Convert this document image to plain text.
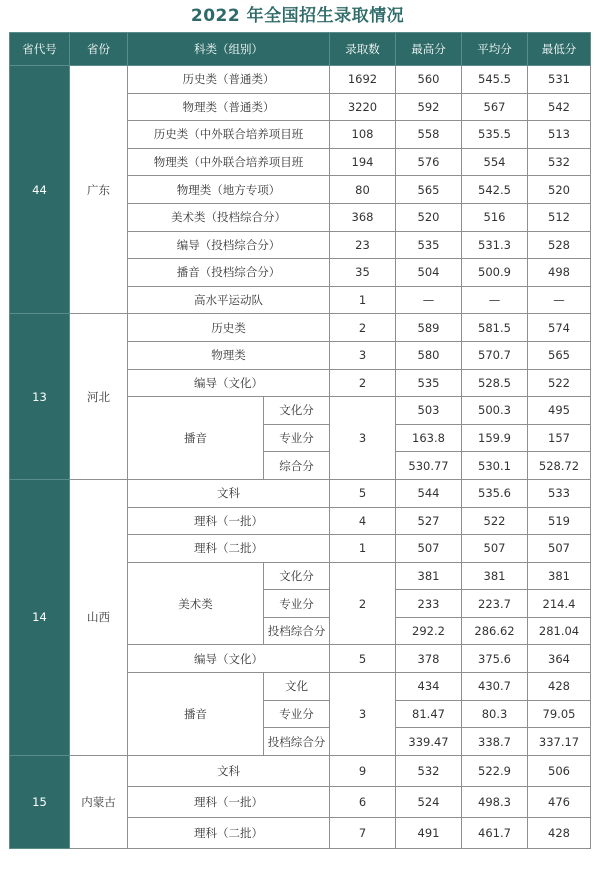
2022 年全国招生录取情况
省代号	省份	科类（组别）		录取数	最高分	平均分	最低分
44	广东	历史类（普通类）		1692	560	545.5	531
		物理类（普通类）		3220	592	567	542
		历史类（中外联合培养项目班		108	558	535.5	513
		物理类（中外联合培养项目班		194	576	554	532
		物理类（地方专项）		80	565	542.5	520
		美术类（投档综合分）		368	520	516	512
		编导（投档综合分）		23	535	531.3	528
		播音（投档综合分）		35	504	500.9	498
		高水平运动队		1	—	—	—
13	河北	历史类		2	589	581.5	574
		物理类		3	580	570.7	565
		编导（文化）		2	535	528.5	522
		播音	文化分	3	503	500.3	495
			专业分		163.8	159.9	157
			综合分		530.77	530.1	528.72
14	山西	文科		5	544	535.6	533
		理科（一批）		4	527	522	519
		理科（二批）		1	507	507	507
		美术类	文化分	2	381	381	381
			专业分		233	223.7	214.4
			投档综合分		292.2	286.62	281.04
		编导（文化）		5	378	375.6	364
		播音	文化	3	434	430.7	428
			专业分		81.47	80.3	79.05
			投档综合分		339.47	338.7	337.17
15	内蒙古	文科		9	532	522.9	506
		理科（一批）		6	524	498.3	476
		理科（二批）		7	491	461.7	428
